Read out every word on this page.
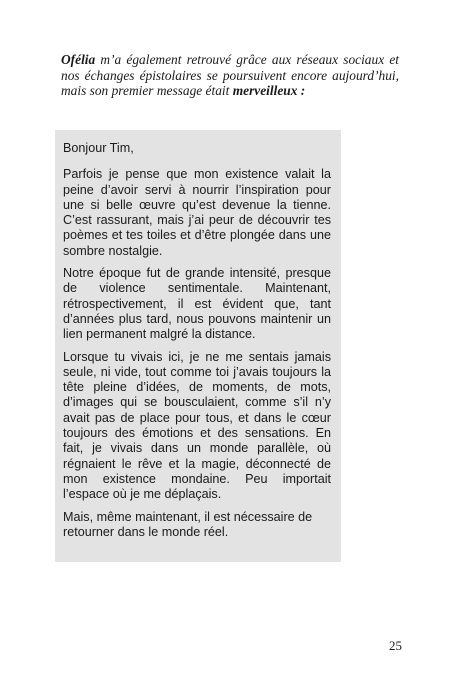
Ofélia m’a également retrouvé grâce aux réseaux sociaux et nos échanges épistolaires se poursuivent encore aujourd’hui, mais son premier message était merveilleux :

Bonjour Tim,

Parfois je pense que mon existence valait la peine d’avoir servi à nourrir l’inspiration pour une si belle œuvre qu’est devenue la tienne. C’est rassurant, mais j’ai peur de découvrir tes poèmes et tes toiles et d’être plongée dans une sombre nostalgie.

Notre époque fut de grande intensité, presque de violence sentimentale. Maintenant, rétrospectivement, il est évident que, tant d’années plus tard, nous pouvons maintenir un lien permanent malgré la distance.

Lorsque tu vivais ici, je ne me sentais jamais seule, ni vide, tout comme toi j’avais toujours la tête pleine d’idées, de moments, de mots, d’images qui se bousculaient, comme s’il n’y avait pas de place pour tous, et dans le cœur toujours des émotions et des sensations. En fait, je vivais dans un monde parallèle, où régnaient le rêve et la magie, déconnecté de mon existence mondaine. Peu importait l’espace où je me déplaçais.

Mais, même maintenant, il est nécessaire de retourner dans le monde réel.

25
